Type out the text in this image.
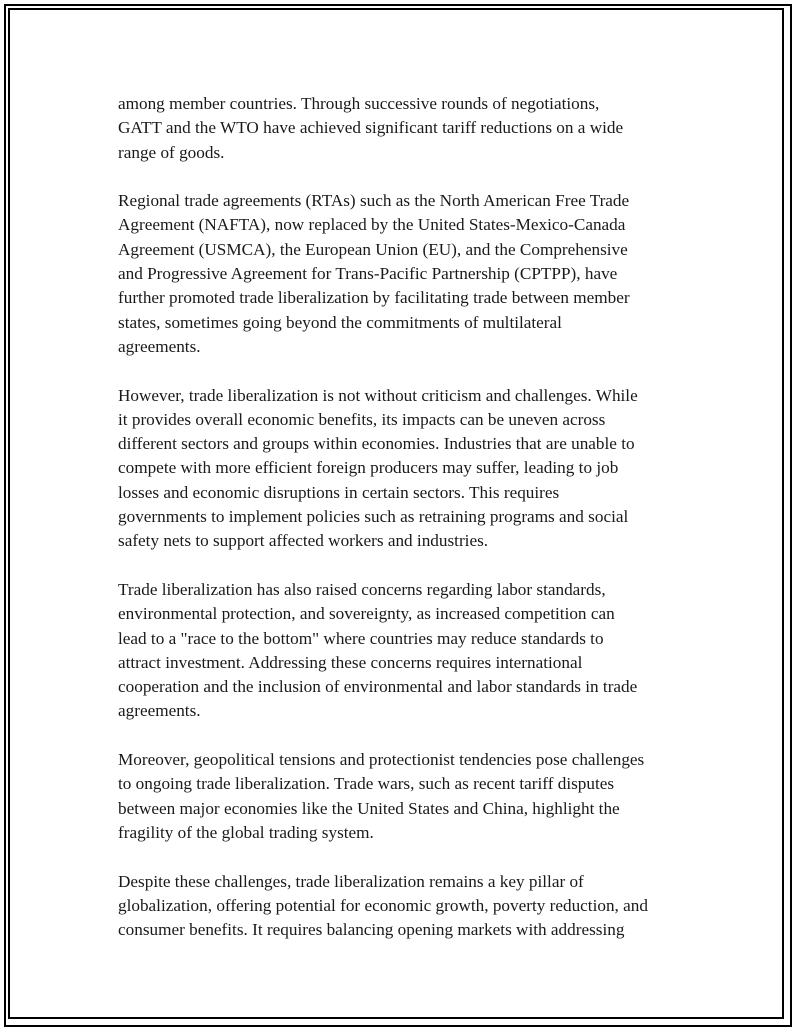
among member countries. Through successive rounds of negotiations,
GATT and the WTO have achieved significant tariff reductions on a wide
range of goods.

Regional trade agreements (RTAs) such as the North American Free Trade
Agreement (NAFTA), now replaced by the United States-Mexico-Canada
Agreement (USMCA), the European Union (EU), and the Comprehensive
and Progressive Agreement for Trans-Pacific Partnership (CPTPP), have
further promoted trade liberalization by facilitating trade between member
states, sometimes going beyond the commitments of multilateral
agreements.

However, trade liberalization is not without criticism and challenges. While
it provides overall economic benefits, its impacts can be uneven across
different sectors and groups within economies. Industries that are unable to
compete with more efficient foreign producers may suffer, leading to job
losses and economic disruptions in certain sectors. This requires
governments to implement policies such as retraining programs and social
safety nets to support affected workers and industries.

Trade liberalization has also raised concerns regarding labor standards,
environmental protection, and sovereignty, as increased competition can
lead to a "race to the bottom" where countries may reduce standards to
attract investment. Addressing these concerns requires international
cooperation and the inclusion of environmental and labor standards in trade
agreements.

Moreover, geopolitical tensions and protectionist tendencies pose challenges
to ongoing trade liberalization. Trade wars, such as recent tariff disputes
between major economies like the United States and China, highlight the
fragility of the global trading system.

Despite these challenges, trade liberalization remains a key pillar of
globalization, offering potential for economic growth, poverty reduction, and
consumer benefits. It requires balancing opening markets with addressing
